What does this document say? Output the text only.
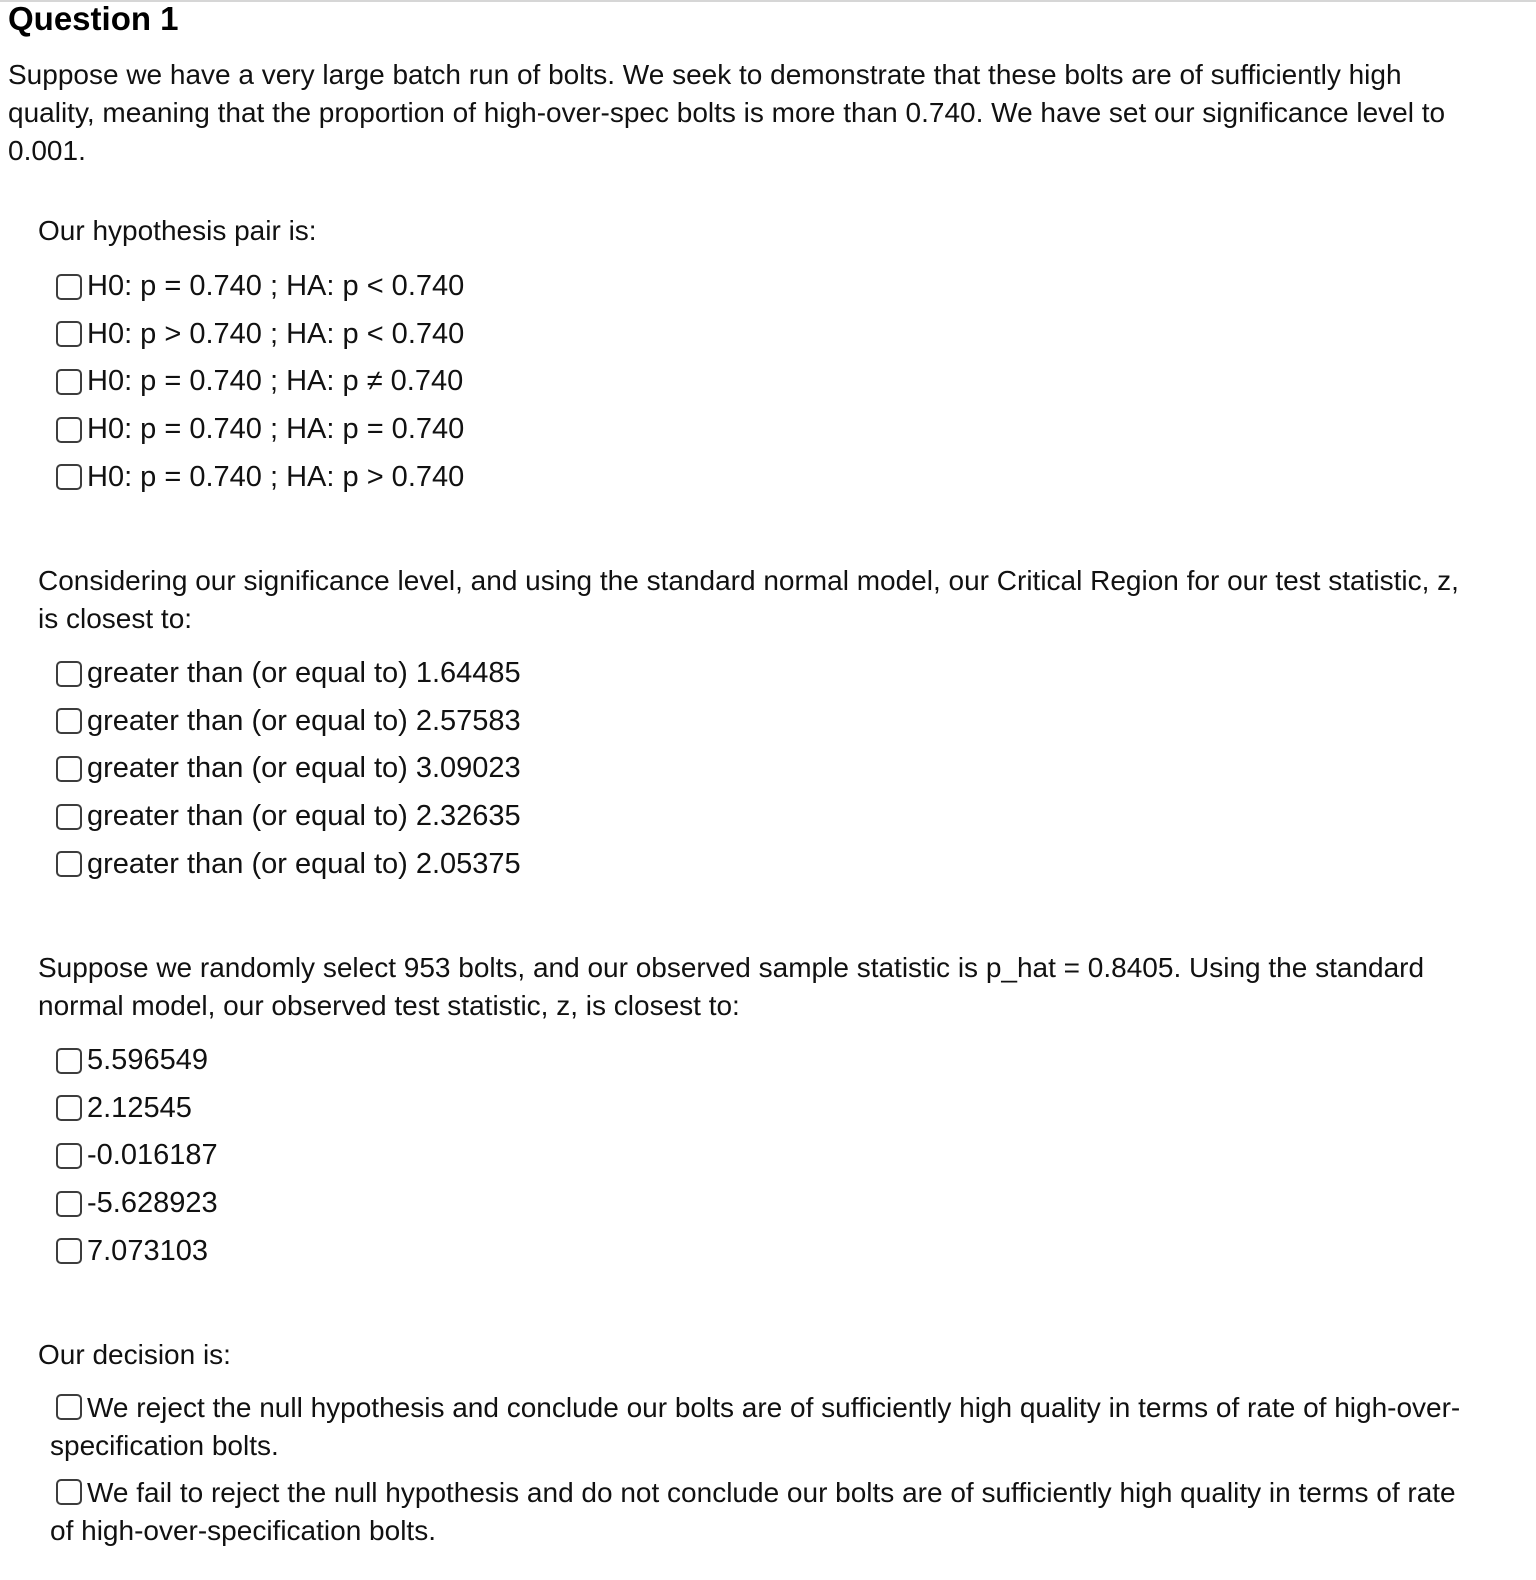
Question 1
Suppose we have a very large batch run of bolts. We seek to demonstrate that these bolts are of sufficiently high quality, meaning that the proportion of high-over-spec bolts is more than 0.740. We have set our significance level to 0.001.

Our hypothesis pair is:

H0: p = 0.740 ; HA: p < 0.740
H0: p > 0.740 ; HA: p < 0.740
H0: p = 0.740 ; HA: p ≠ 0.740
H0: p = 0.740 ; HA: p = 0.740
H0: p = 0.740 ; HA: p > 0.740

Considering our significance level, and using the standard normal model, our Critical Region for our test statistic, z, is closest to:

greater than (or equal to) 1.64485
greater than (or equal to) 2.57583
greater than (or equal to) 3.09023
greater than (or equal to) 2.32635
greater than (or equal to) 2.05375

Suppose we randomly select 953 bolts, and our observed sample statistic is p_hat = 0.8405. Using the standard normal model, our observed test statistic, z, is closest to:

5.596549
2.12545
-0.016187
-5.628923
7.073103

Our decision is:

We reject the null hypothesis and conclude our bolts are of sufficiently high quality in terms of rate of high-over-specification bolts.
We fail to reject the null hypothesis and do not conclude our bolts are of sufficiently high quality in terms of rate of high-over-specification bolts.
